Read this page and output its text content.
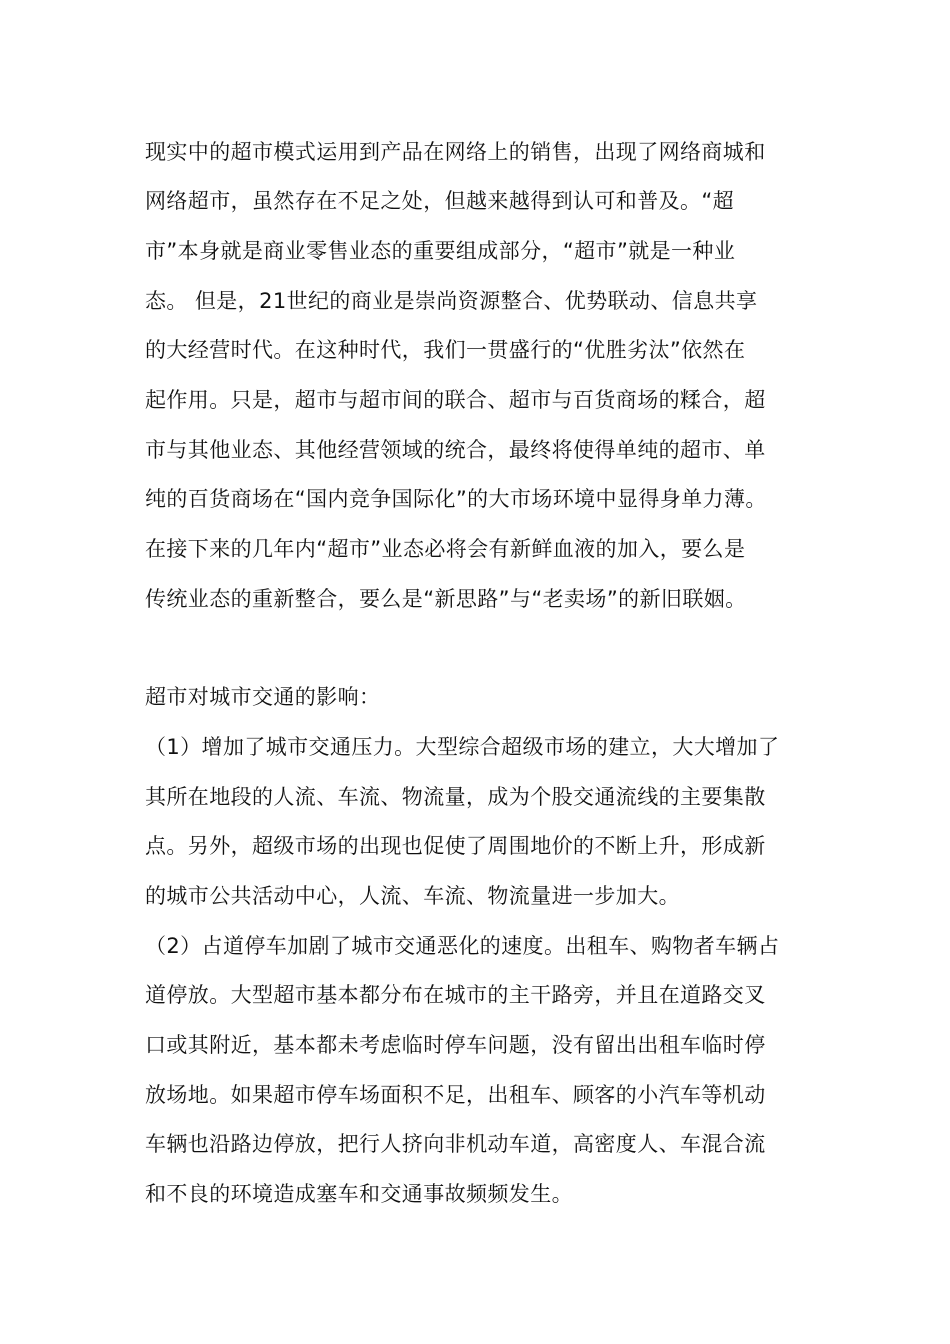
现实中的超市模式运用到产品在网络上的销售，出现了网络商城和
网络超市，虽然存在不足之处，但越来越得到认可和普及。“超
市”本身就是商业零售业态的重要组成部分，“超市”就是一种业
态。 但是，21世纪的商业是崇尚资源整合、优势联动、信息共享
的大经营时代。在这种时代，我们一贯盛行的“优胜劣汰”依然在
起作用。只是，超市与超市间的联合、超市与百货商场的糅合，超
市与其他业态、其他经营领域的统合，最终将使得单纯的超市、单
纯的百货商场在“国内竞争国际化”的大市场环境中显得身单力薄。
在接下来的几年内“超市”业态必将会有新鲜血液的加入，要么是
传统业态的重新整合，要么是“新思路”与“老卖场”的新旧联姻。
超市对城市交通的影响：
（1）增加了城市交通压力。大型综合超级市场的建立，大大增加了
其所在地段的人流、车流、物流量，成为个股交通流线的主要集散
点。另外，超级市场的出现也促使了周围地价的不断上升，形成新
的城市公共活动中心，人流、车流、物流量进一步加大。
（2）占道停车加剧了城市交通恶化的速度。出租车、购物者车辆占
道停放。大型超市基本都分布在城市的主干路旁，并且在道路交叉
口或其附近，基本都未考虑临时停车问题，没有留出出租车临时停
放场地。如果超市停车场面积不足，出租车、顾客的小汽车等机动
车辆也沿路边停放，把行人挤向非机动车道，高密度人、车混合流
和不良的环境造成塞车和交通事故频频发生。
